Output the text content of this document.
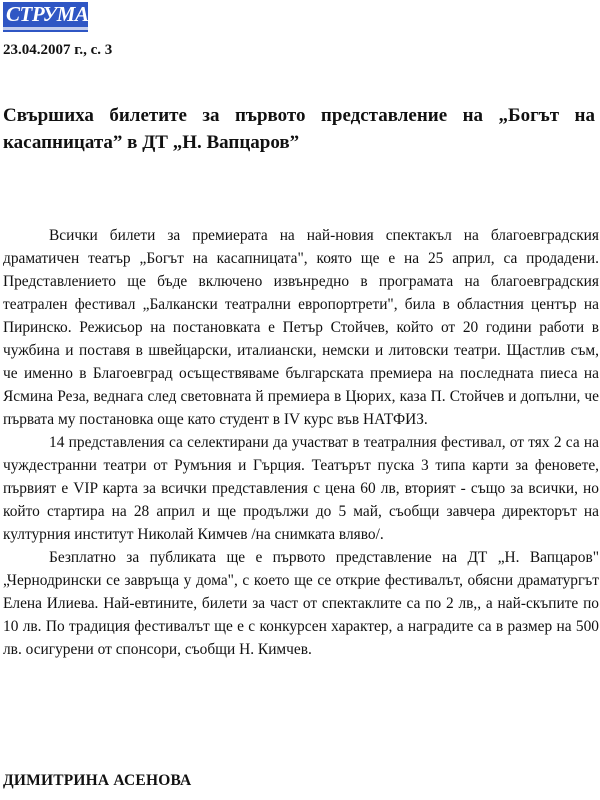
СТРУМА
23.04.2007 г., с. 3
Свършиха билетите за първото представление на „Богът на касапницата” в ДТ „Н. Вапцаров”

Всички билети за премиерата на най-новия спектакъл на благоевградския драматичен театър „Богът на касапницата", която ще е на 25 април, са продадени. Представлението ще бъде включено извънредно в програмата на благоевградския театрален фестивал „Балкански театрални европортрети", била в областния център на Пиринско. Режисьор на постановката е Петър Стойчев, който от 20 години работи в чужбина и поставя в швейцарски, италиански, немски и литовски театри. Щастлив съм, че именно в Благоевград осъществяваме българската премиера на последната пиеса на Ясмина Реза, веднага след световната й премиера в Цюрих, каза П. Стойчев и допълни, че първата му постановка още като студент в IV курс във НАТФИЗ.

14 представления са селектирани да участват в театралния фестивал, от тях 2 са на чуждестранни театри от Румъния и Гърция. Театърът пуска 3 типа карти за феновете, първият е VIP карта за всички представления с цена 60 лв, вторият - също за всички, но който стартира на 28 април и ще продължи до 5 май, съобщи завчера директорът на културния институт Николай Кимчев /на снимката вляво/.

Безплатно за публиката ще е първото представление на ДТ „Н. Вапцаров" „Чернодрински се завръща у дома", с което ще се открие фестивалът, обясни драматургът Елена Илиева. Най-евтините, билети за част от спектаклите са по 2 лв,, а най-скъпите по 10 лв. По традиция фестивалът ще е с конкурсен характер, а наградите са в размер на 500 лв. осигурени от спонсори, съобщи Н. Кимчев.

ДИМИТРИНА АСЕНОВА
